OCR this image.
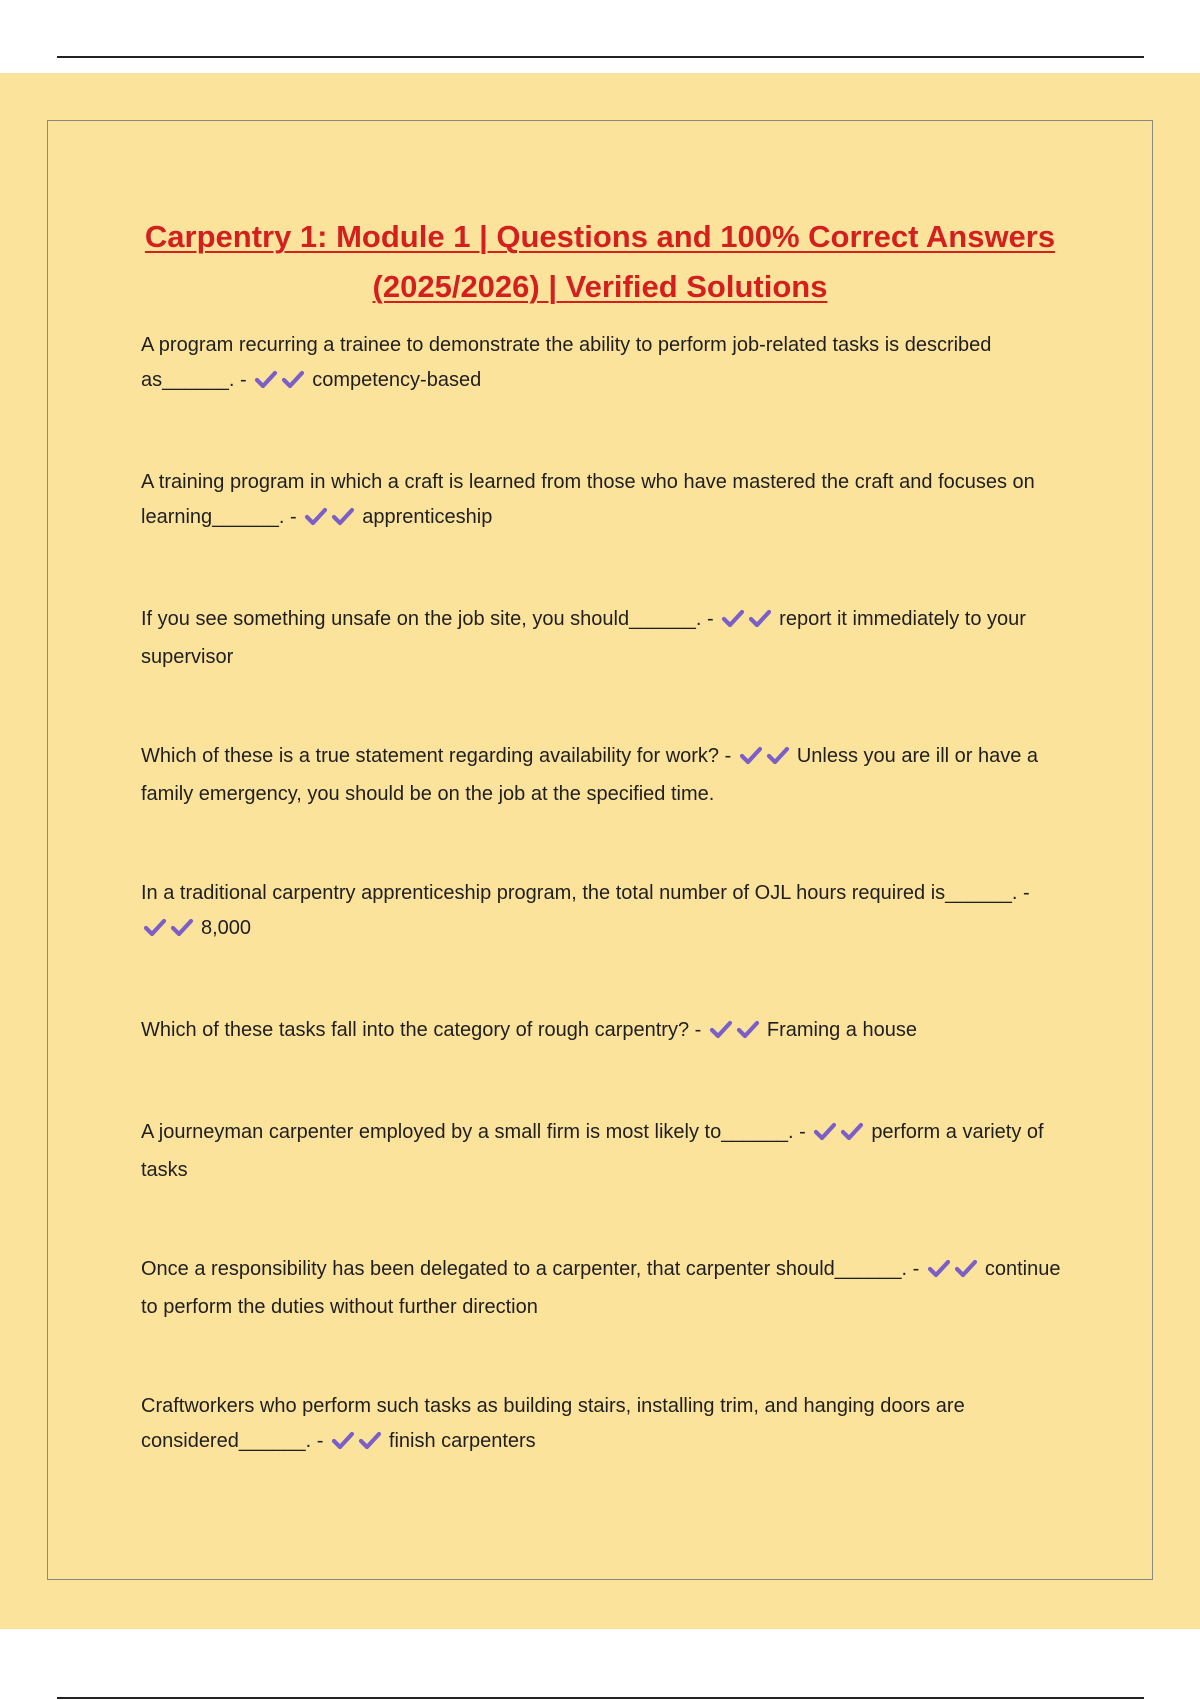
Carpentry 1: Module 1 | Questions and 100% Correct Answers
(2025/2026) | Verified Solutions
A program recurring a trainee to demonstrate the ability to perform job-related tasks is described as______. -	competency-based
A training program in which a craft is learned from those who have mastered the craft and focuses on learning______. -	apprenticeship
If you see something unsafe on the job site, you should______. -	report it immediately to your supervisor
Which of these is a true statement regarding availability for work? -	Unless you are ill or have a family emergency, you should be on the job at the specified time.
In a traditional carpentry apprenticeship program, the total number of OJL hours required is______. -
8,000
Which of these tasks fall into the category of rough carpentry? -	Framing a house
A journeyman carpenter employed by a small firm is most likely to______. -	perform a variety of tasks
Once a responsibility has been delegated to a carpenter, that carpenter should______. -	continue to perform the duties without further direction
Craftworkers who perform such tasks as building stairs, installing trim, and hanging doors are considered______. -	finish carpenters
